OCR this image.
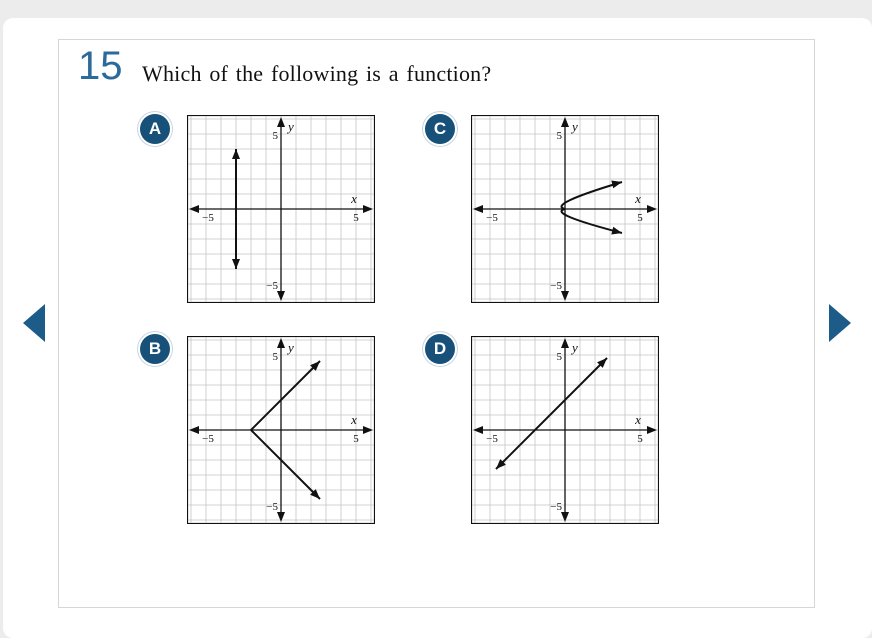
15 Which of the following is a function?
A
−5	5
5
−5
x
y	C
−5	5
5
−5
x
y
B
−5	5
5
−5
x
y	D
−5	5
5
−5
x
y
